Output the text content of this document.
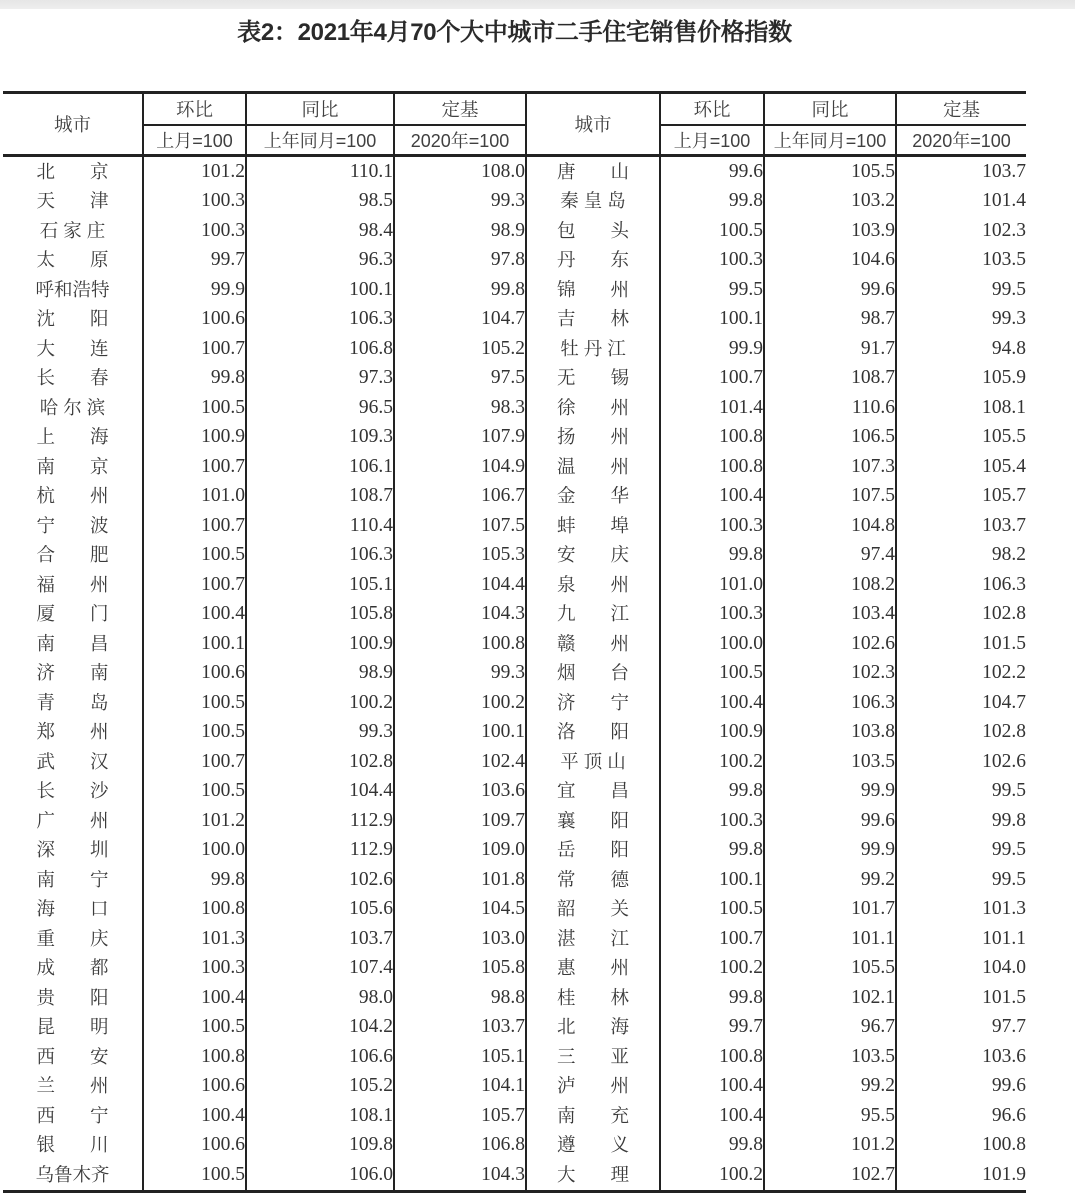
表2：2021年4月70个大中城市二手住宅销售价格指数
城市	环比	同比	定基	城市	环比	同比	定基
	上月=100	上年同月=100	2020年=100		上月=100	上年同月=100	2020年=100
北京	101.2	110.1	108.0	唐山	99.6	105.5	103.7
天津	100.3	98.5	99.3	秦皇岛	99.8	103.2	101.4
石家庄	100.3	98.4	98.9	包头	100.5	103.9	102.3
太原	99.7	96.3	97.8	丹东	100.3	104.6	103.5
呼和浩特	99.9	100.1	99.8	锦州	99.5	99.6	99.5
沈阳	100.6	106.3	104.7	吉林	100.1	98.7	99.3
大连	100.7	106.8	105.2	牡丹江	99.9	91.7	94.8
长春	99.8	97.3	97.5	无锡	100.7	108.7	105.9
哈尔滨	100.5	96.5	98.3	徐州	101.4	110.6	108.1
上海	100.9	109.3	107.9	扬州	100.8	106.5	105.5
南京	100.7	106.1	104.9	温州	100.8	107.3	105.4
杭州	101.0	108.7	106.7	金华	100.4	107.5	105.7
宁波	100.7	110.4	107.5	蚌埠	100.3	104.8	103.7
合肥	100.5	106.3	105.3	安庆	99.8	97.4	98.2
福州	100.7	105.1	104.4	泉州	101.0	108.2	106.3
厦门	100.4	105.8	104.3	九江	100.3	103.4	102.8
南昌	100.1	100.9	100.8	赣州	100.0	102.6	101.5
济南	100.6	98.9	99.3	烟台	100.5	102.3	102.2
青岛	100.5	100.2	100.2	济宁	100.4	106.3	104.7
郑州	100.5	99.3	100.1	洛阳	100.9	103.8	102.8
武汉	100.7	102.8	102.4	平顶山	100.2	103.5	102.6
长沙	100.5	104.4	103.6	宜昌	99.8	99.9	99.5
广州	101.2	112.9	109.7	襄阳	100.3	99.6	99.8
深圳	100.0	112.9	109.0	岳阳	99.8	99.9	99.5
南宁	99.8	102.6	101.8	常德	100.1	99.2	99.5
海口	100.8	105.6	104.5	韶关	100.5	101.7	101.3
重庆	101.3	103.7	103.0	湛江	100.7	101.1	101.1
成都	100.3	107.4	105.8	惠州	100.2	105.5	104.0
贵阳	100.4	98.0	98.8	桂林	99.8	102.1	101.5
昆明	100.5	104.2	103.7	北海	99.7	96.7	97.7
西安	100.8	106.6	105.1	三亚	100.8	103.5	103.6
兰州	100.6	105.2	104.1	泸州	100.4	99.2	99.6
西宁	100.4	108.1	105.7	南充	100.4	95.5	96.6
银川	100.6	109.8	106.8	遵义	99.8	101.2	100.8
乌鲁木齐	100.5	106.0	104.3	大理	100.2	102.7	101.9
